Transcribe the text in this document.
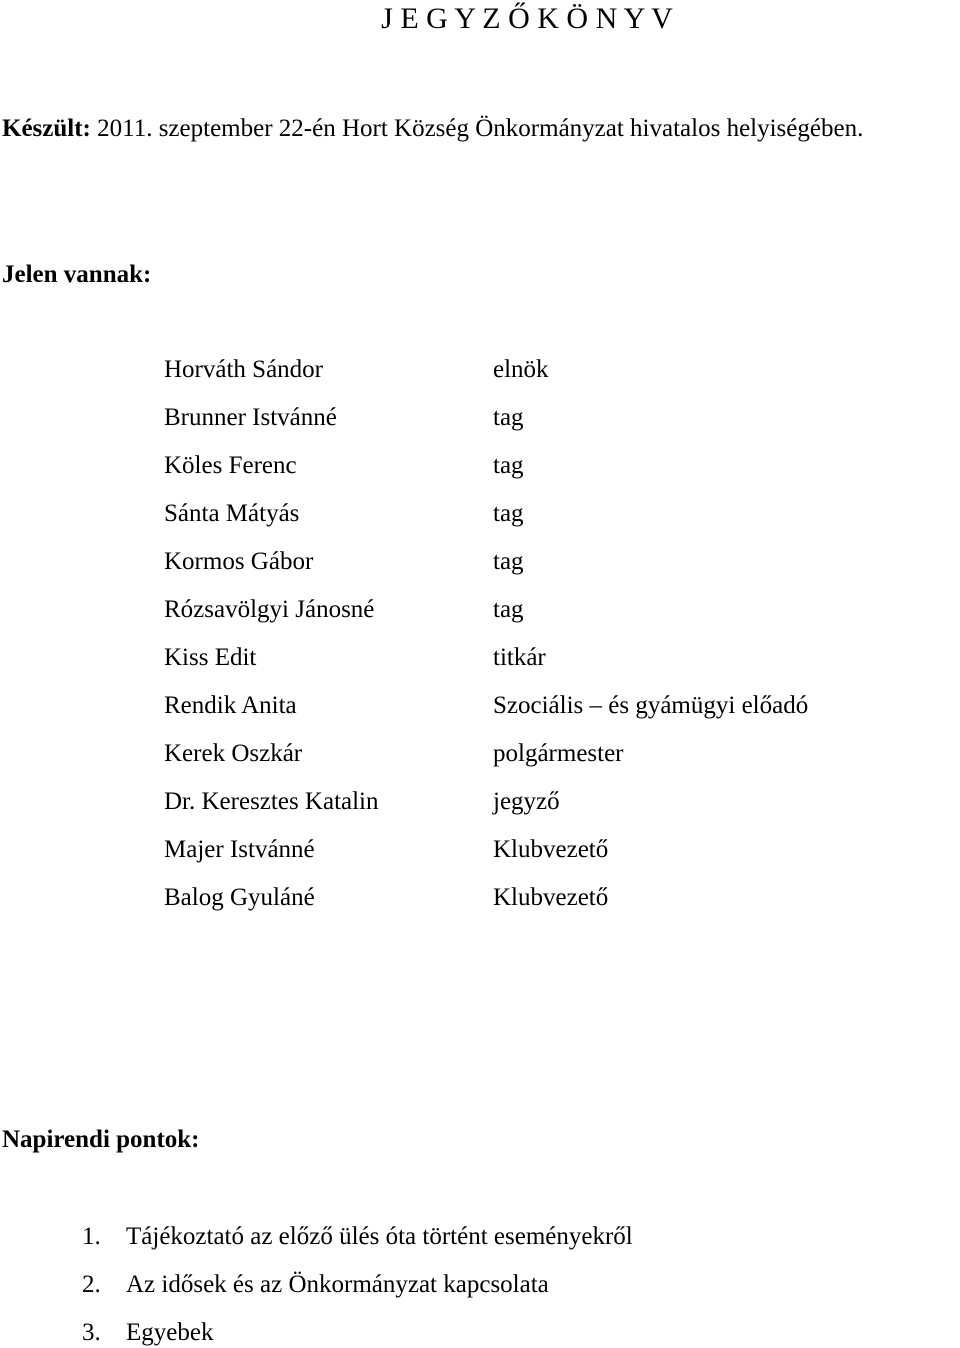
J E G Y Z Ő K Ö N Y V
Készült: 2011. szeptember 22-én Hort Község Önkormányzat hivatalos helyiségében.
Jelen vannak:
Horváth Sándor	elnök
Brunner Istvánné	tag
Köles Ferenc	tag
Sánta Mátyás	tag
Kormos Gábor	tag
Rózsavölgyi Jánosné	tag
Kiss Edit	titkár
Rendik Anita	Szociális – és gyámügyi előadó
Kerek Oszkár	polgármester
Dr. Keresztes Katalin	jegyző
Majer Istvánné	Klubvezető
Balog Gyuláné	Klubvezető
Napirendi pontok:
1. Tájékoztató az előző ülés óta történt eseményekről
2. Az idősek és az Önkormányzat kapcsolata
3. Egyebek
